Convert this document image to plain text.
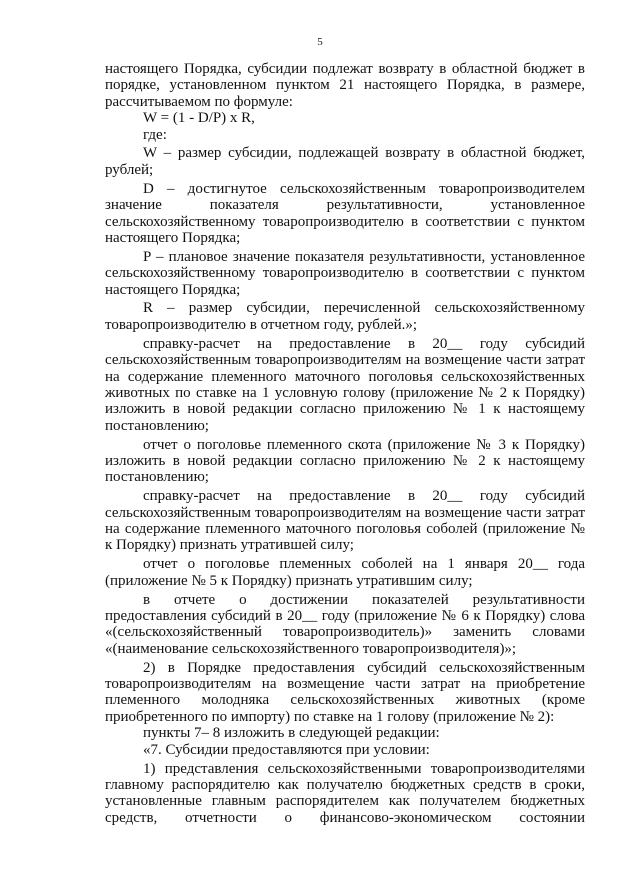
5
настоящего Порядка, субсидии подлежат возврату в областной бюджет в
порядке, установленном пунктом 21 настоящего Порядка, в размере,
рассчитываемом по формуле:
W = (1 - D/P) x R,
где:
W – размер субсидии, подлежащей возврату в областной бюджет,
рублей;
D – достигнутое сельскохозяйственным товаропроизводителем
значение показателя результативности, установленное
сельскохозяйственному товаропроизводителю в соответствии с пунктом
настоящего Порядка;
P – плановое значение показателя результативности, установленное
сельскохозяйственному товаропроизводителю в соответствии с пунктом
настоящего Порядка;
R – размер субсидии, перечисленной сельскохозяйственному
товаропроизводителю в отчетном году, рублей.»;
справку-расчет на предоставление в 20__ году субсидий
сельскохозяйственным товаропроизводителям на возмещение части затрат
на содержание племенного маточного поголовья сельскохозяйственных
животных по ставке на 1 условную голову (приложение № 2 к Порядку)
изложить в новой редакции согласно приложению № 1 к настоящему
постановлению;
отчет о поголовье племенного скота (приложение № 3 к Порядку)
изложить в новой редакции согласно приложению № 2 к настоящему
постановлению;
справку-расчет на предоставление в 20__ году субсидий
сельскохозяйственным товаропроизводителям на возмещение части затрат
на содержание племенного маточного поголовья соболей (приложение №
к Порядку) признать утратившей силу;
отчет о поголовье племенных соболей на 1 января 20__ года
(приложение № 5 к Порядку) признать утратившим силу;
в отчете о достижении показателей результативности
предоставления субсидий в 20__ году (приложение № 6 к Порядку) слова
«(сельскохозяйственный товаропроизводитель)» заменить словами
«(наименование сельскохозяйственного товаропроизводителя)»;
2) в Порядке предоставления субсидий сельскохозяйственным
товаропроизводителям на возмещение части затрат на приобретение
племенного молодняка сельскохозяйственных животных (кроме
приобретенного по импорту) по ставке на 1 голову (приложение № 2):
пункты 7– 8 изложить в следующей редакции:
«7. Субсидии предоставляются при условии:
1) представления сельскохозяйственными товаропроизводителями
главному распорядителю как получателю бюджетных средств в сроки,
установленные главным распорядителем как получателем бюджетных
средств, отчетности о финансово-экономическом состоянии
